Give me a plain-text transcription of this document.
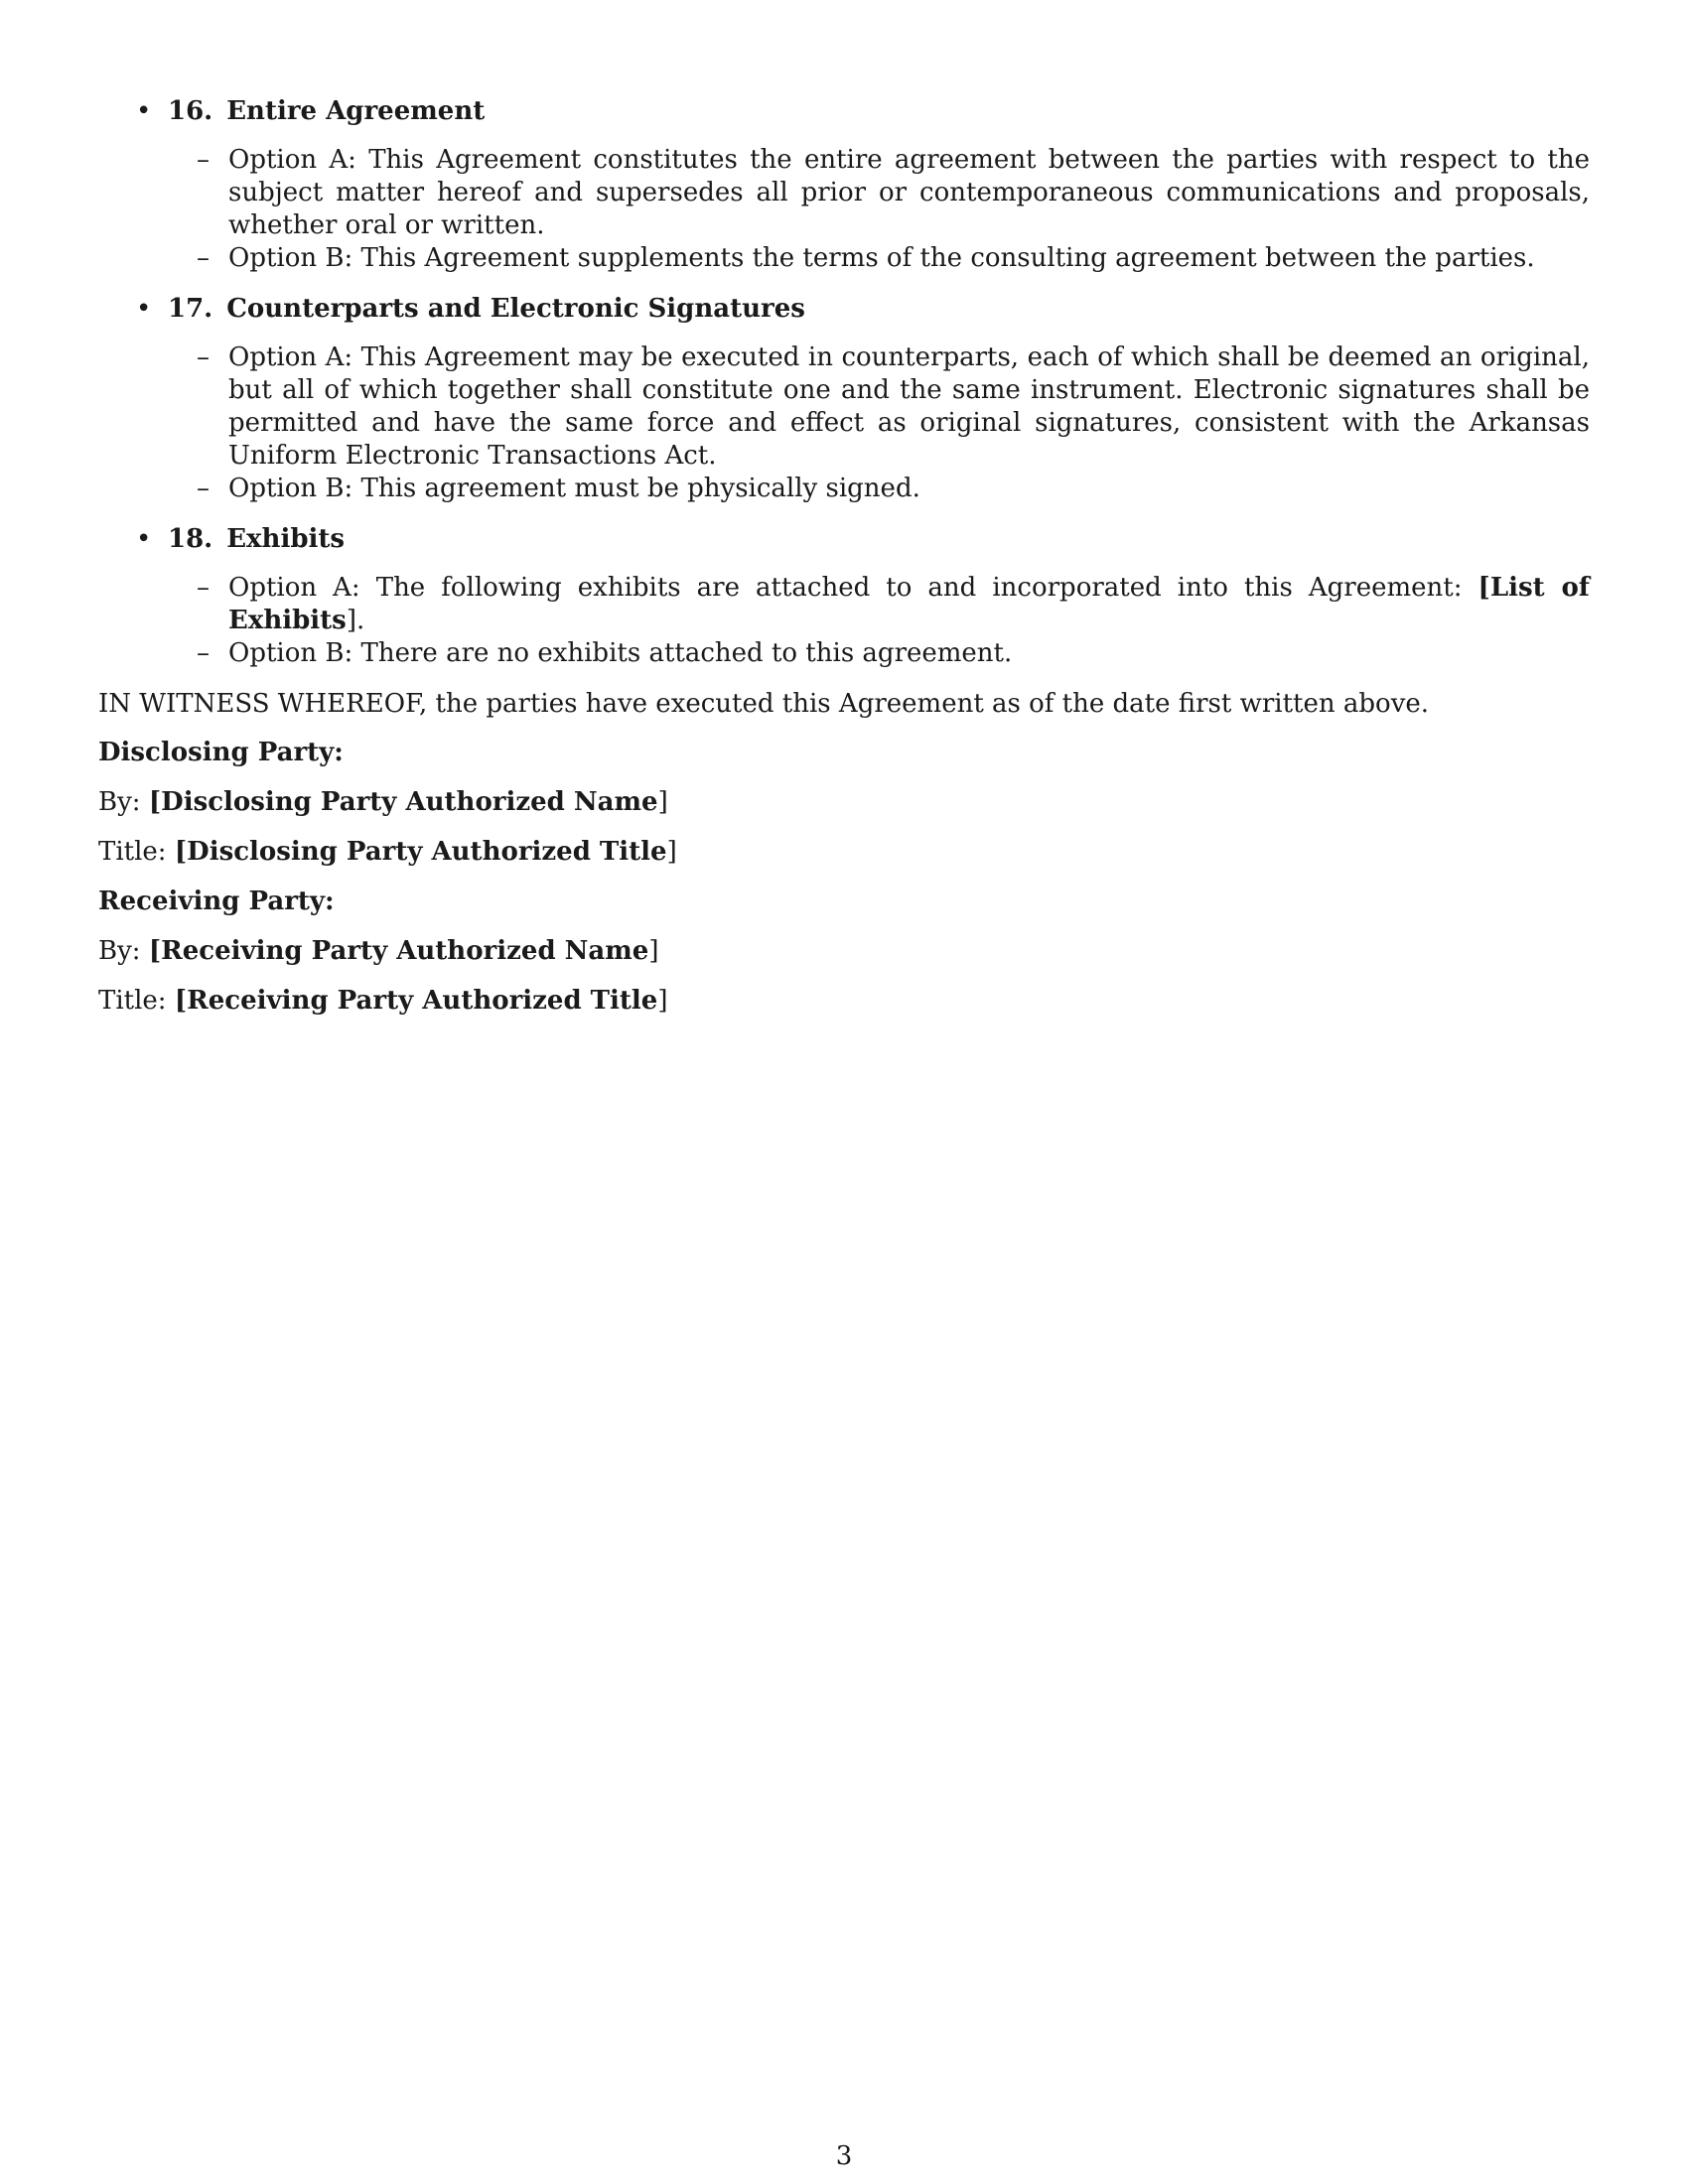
• 16. Entire Agreement
– Option A: This Agreement constitutes the entire agreement between the parties with respect to the subject matter hereof and supersedes all prior or contemporaneous communications and proposals, whether oral or written.
– Option B: This Agreement supplements the terms of the consulting agreement between the parties.
• 17. Counterparts and Electronic Signatures
– Option A: This Agreement may be executed in counterparts, each of which shall be deemed an original, but all of which together shall constitute one and the same instrument. Electronic signatures shall be permitted and have the same force and effect as original signatures, consistent with the Arkansas Uniform Electronic Transactions Act.
– Option B: This agreement must be physically signed.
• 18. Exhibits
– Option A: The following exhibits are attached to and incorporated into this Agreement: [List of Exhibits].
– Option B: There are no exhibits attached to this agreement.

IN WITNESS WHEREOF, the parties have executed this Agreement as of the date first written above.

Disclosing Party:

By: [Disclosing Party Authorized Name]

Title: [Disclosing Party Authorized Title]

Receiving Party:

By: [Receiving Party Authorized Name]

Title: [Receiving Party Authorized Title]

3
